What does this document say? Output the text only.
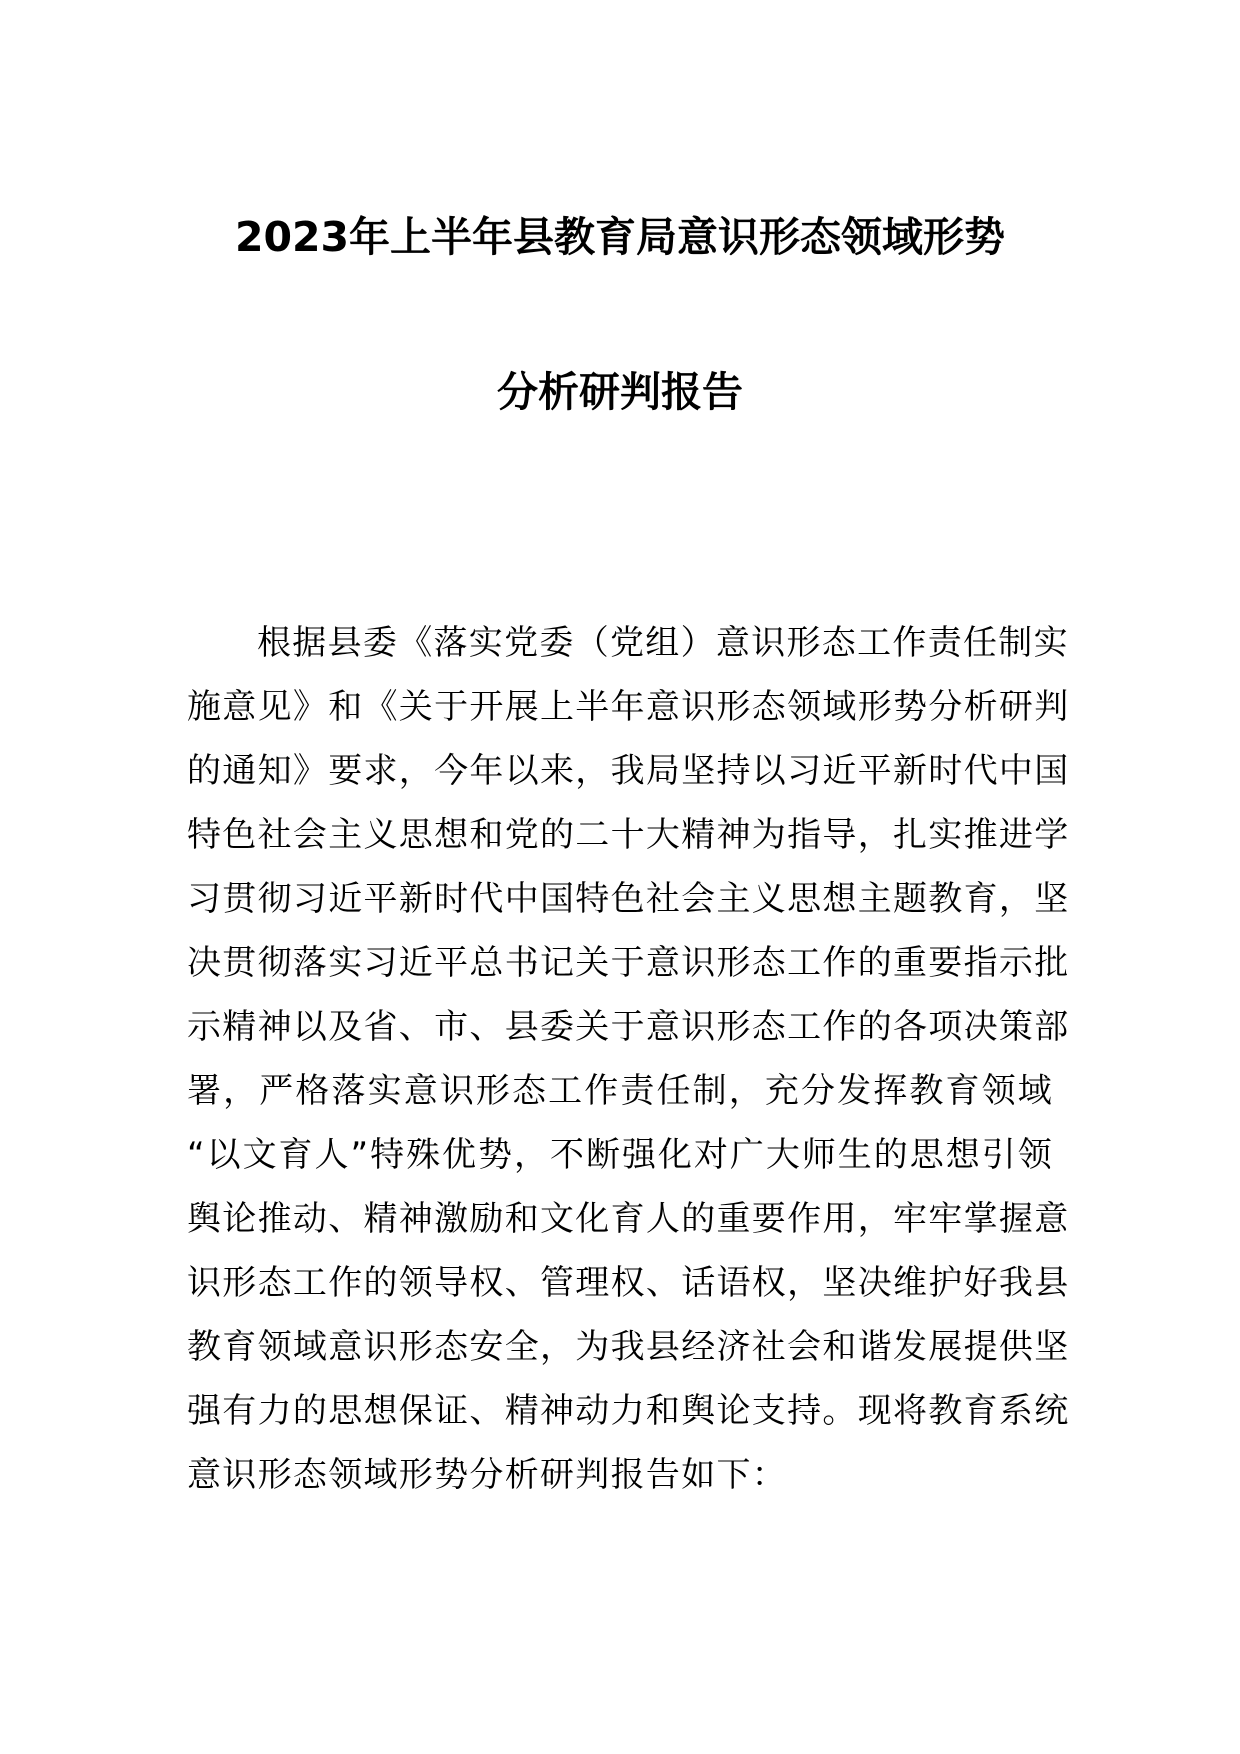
2023年上半年县教育局意识形态领域形势
分析研判报告
根据县委《落实党委（党组）意识形态工作责任制实
施意见》和《关于开展上半年意识形态领域形势分析研判
的通知》要求，今年以来，我局坚持以习近平新时代中国
特色社会主义思想和党的二十大精神为指导，扎实推进学
习贯彻习近平新时代中国特色社会主义思想主题教育，坚
决贯彻落实习近平总书记关于意识形态工作的重要指示批
示精神以及省、市、县委关于意识形态工作的各项决策部
署，严格落实意识形态工作责任制，充分发挥教育领域
“以文育人”特殊优势，不断强化对广大师生的思想引领
舆论推动、精神激励和文化育人的重要作用，牢牢掌握意
识形态工作的领导权、管理权、话语权，坚决维护好我县
教育领域意识形态安全，为我县经济社会和谐发展提供坚
强有力的思想保证、精神动力和舆论支持。现将教育系统
意识形态领域形势分析研判报告如下：
